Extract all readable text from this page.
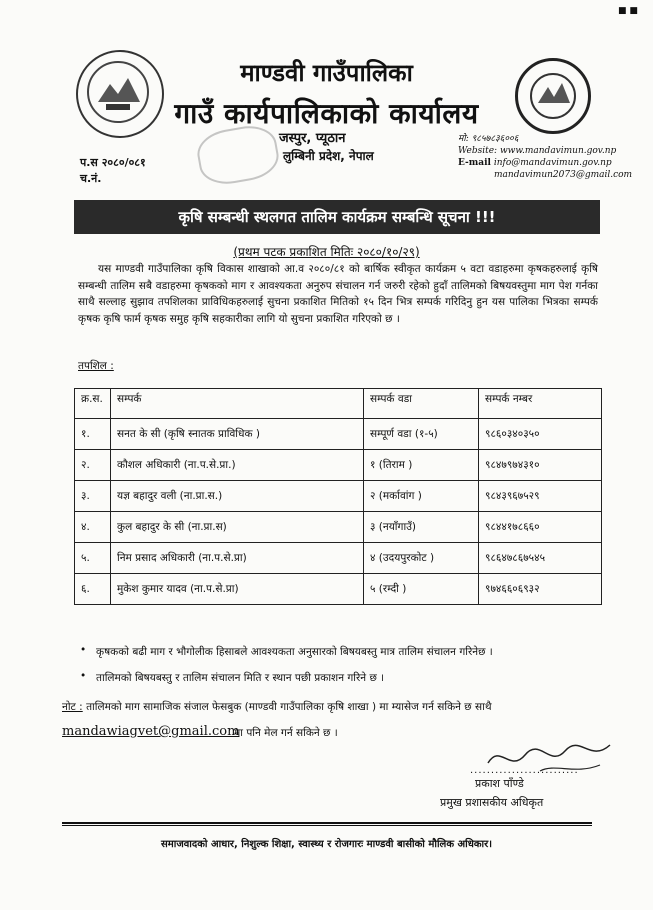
■ ■
माण्डवी गाउँपालिका
गाउँ कार्यपालिकाको कार्यालय
जस्पुर, प्यूठान
लुम्बिनी प्रदेश, नेपाल
मो: ९८५७८३६००६
Website: www.mandavimun.gov.np
E-mail info@mandavimun.gov.np
mandavimun2073@gmail.com
प.स २०८०/०८१
च.नं.
कृषि सम्बन्धी स्थलगत तालिम कार्यक्रम सम्बन्धि सूचना !!!
(प्रथम पटक प्रकाशित मितिः २०८०/१०/२९)
यस माण्डवी गाउँपालिका कृषि विकास शाखाको आ.व २०८०/८१ को बार्षिक स्वीकृत कार्यक्रम ५ वटा वडाहरुमा कृषकहरुलाई कृषि सम्बन्धी तालिम सबै वडाहरुमा कृषकको माग र आवश्यकता अनुरुप संचालन गर्न जरुरी रहेको हुदाँ तालिमको बिषयवस्तुमा माग पेश गर्नका साथै सल्लाह सुझाव तपशिलका प्राविधिकहरुलाई सुचना प्रकाशित मितिको १५ दिन भित्र सम्पर्क गरिदिनु हुन यस पालिका भित्रका सम्पर्क कृषक कृषि फार्म कृषक समुह कृषि सहकारीका लागि यो सुचना प्रकाशित गरिएको छ ।
तपशिल :
क्र.स.	सम्पर्क	सम्पर्क वडा	सम्पर्क नम्बर
१.	सनत के सी (कृषि स्नातक प्राविधिक )	सम्पूर्ण वडा (१-५)	९८६०३४०३५०
२.	कौशल अधिकारी (ना.प.से.प्रा.)	१ (तिराम )	९८४७९७४३१०
३.	यज्ञ बहादुर वली (ना.प्रा.स.)	२ (मर्कावांग )	९८४३९६७५२९
४.	कुल बहादुर के सी (ना.प्रा.स)	३ (नयाँगाउँ)	९८४४१७८६६०
५.	निम प्रसाद अधिकारी (ना.प.से.प्रा)	४ (उदयपुरकोट )	९८६४७८६७५४५
६.	मुकेश कुमार यादव (ना.प.से.प्रा)	५ (रम्दी )	९७४६६०६९३२
• कृषकको बढी माग र भौगोलीक हिसाबले आवश्यकता अनुसारको बिषयबस्तु मात्र तालिम संचालन गरिनेछ ।
• तालिमको बिषयबस्तु र तालिम संचालन मिति र स्थान पछी प्रकाशन गरिने छ ।
नोट : तालिमको माग सामाजिक संजाल फेसबुक (माण्डवी गाउँपालिका कृषि शाखा ) मा म्यासेज गर्न सकिने छ साथै
mandawiagvet@gmail.com
मा पनि मेल गर्न सकिने छ ।
..........................
प्रकाश पाँण्डे
प्रमुख प्रशासकीय अधिकृत
समाजवादको आधार, निशुल्क शिक्षा, स्वास्थ्य र रोजगारः माण्डवी बासीको मौलिक अधिकार।
